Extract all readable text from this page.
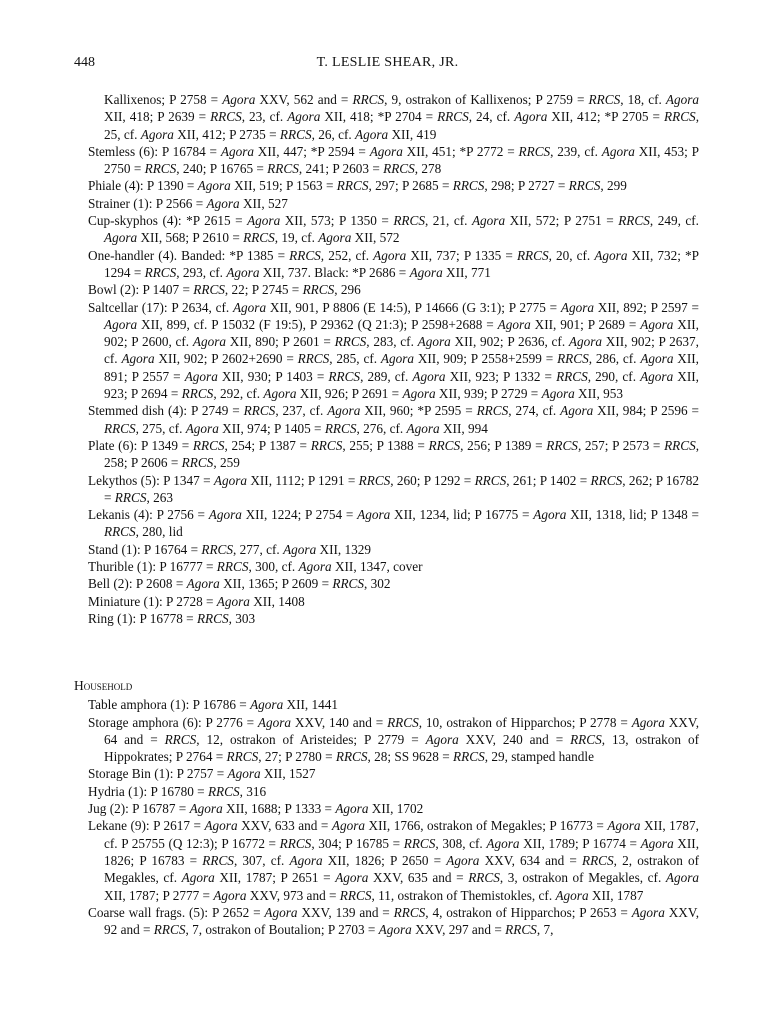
448	T. LESLIE SHEAR, JR.
Kallixenos; P 2758 = Agora XXV, 562 and = RRCS, 9, ostrakon of Kallixenos; P 2759 = RRCS, 18, cf. Agora XII, 418; P 2639 = RRCS, 23, cf. Agora XII, 418; *P 2704 = RRCS, 24, cf. Agora XII, 412; *P 2705 = RRCS, 25, cf. Agora XII, 412; P 2735 = RRCS, 26, cf. Agora XII, 419
Stemless (6): P 16784 = Agora XII, 447; *P 2594 = Agora XII, 451; *P 2772 = RRCS, 239, cf. Agora XII, 453; P 2750 = RRCS, 240; P 16765 = RRCS, 241; P 2603 = RRCS, 278
Phiale (4): P 1390 = Agora XII, 519; P 1563 = RRCS, 297; P 2685 = RRCS, 298; P 2727 = RRCS, 299
Strainer (1): P 2566 = Agora XII, 527
Cup-skyphos (4): *P 2615 = Agora XII, 573; P 1350 = RRCS, 21, cf. Agora XII, 572; P 2751 = RRCS, 249, cf. Agora XII, 568; P 2610 = RRCS, 19, cf. Agora XII, 572
One-handler (4). Banded: *P 1385 = RRCS, 252, cf. Agora XII, 737; P 1335 = RRCS, 20, cf. Agora XII, 732; *P 1294 = RRCS, 293, cf. Agora XII, 737. Black: *P 2686 = Agora XII, 771
Bowl (2): P 1407 = RRCS, 22; P 2745 = RRCS, 296
Saltcellar (17): P 2634, cf. Agora XII, 901, P 8806 (E 14:5), P 14666 (G 3:1); P 2775 = Agora XII, 892; P 2597 = Agora XII, 899, cf. P 15032 (F 19:5), P 29362 (Q 21:3); P 2598+2688 = Agora XII, 901; P 2689 = Agora XII, 902; P 2600, cf. Agora XII, 890; P 2601 = RRCS, 283, cf. Agora XII, 902; P 2636, cf. Agora XII, 902; P 2637, cf. Agora XII, 902; P 2602+2690 = RRCS, 285, cf. Agora XII, 909; P 2558+2599 = RRCS, 286, cf. Agora XII, 891; P 2557 = Agora XII, 930; P 1403 = RRCS, 289, cf. Agora XII, 923; P 1332 = RRCS, 290, cf. Agora XII, 923; P 2694 = RRCS, 292, cf. Agora XII, 926; P 2691 = Agora XII, 939; P 2729 = Agora XII, 953
Stemmed dish (4): P 2749 = RRCS, 237, cf. Agora XII, 960; *P 2595 = RRCS, 274, cf. Agora XII, 984; P 2596 = RRCS, 275, cf. Agora XII, 974; P 1405 = RRCS, 276, cf. Agora XII, 994
Plate (6): P 1349 = RRCS, 254; P 1387 = RRCS, 255; P 1388 = RRCS, 256; P 1389 = RRCS, 257; P 2573 = RRCS, 258; P 2606 = RRCS, 259
Lekythos (5): P 1347 = Agora XII, 1112; P 1291 = RRCS, 260; P 1292 = RRCS, 261; P 1402 = RRCS, 262; P 16782 = RRCS, 263
Lekanis (4): P 2756 = Agora XII, 1224; P 2754 = Agora XII, 1234, lid; P 16775 = Agora XII, 1318, lid; P 1348 = RRCS, 280, lid
Stand (1): P 16764 = RRCS, 277, cf. Agora XII, 1329
Thurible (1): P 16777 = RRCS, 300, cf. Agora XII, 1347, cover
Bell (2): P 2608 = Agora XII, 1365; P 2609 = RRCS, 302
Miniature (1): P 2728 = Agora XII, 1408
Ring (1): P 16778 = RRCS, 303
Household
Table amphora (1): P 16786 = Agora XII, 1441
Storage amphora (6): P 2776 = Agora XXV, 140 and = RRCS, 10, ostrakon of Hipparchos; P 2778 = Agora XXV, 64 and = RRCS, 12, ostrakon of Aristeides; P 2779 = Agora XXV, 240 and = RRCS, 13, ostrakon of Hippokrates; P 2764 = RRCS, 27; P 2780 = RRCS, 28; SS 9628 = RRCS, 29, stamped handle
Storage Bin (1): P 2757 = Agora XII, 1527
Hydria (1): P 16780 = RRCS, 316
Jug (2): P 16787 = Agora XII, 1688; P 1333 = Agora XII, 1702
Lekane (9): P 2617 = Agora XXV, 633 and = Agora XII, 1766, ostrakon of Megakles; P 16773 = Agora XII, 1787, cf. P 25755 (Q 12:3); P 16772 = RRCS, 304; P 16785 = RRCS, 308, cf. Agora XII, 1789; P 16774 = Agora XII, 1826; P 16783 = RRCS, 307, cf. Agora XII, 1826; P 2650 = Agora XXV, 634 and = RRCS, 2, ostrakon of Megakles, cf. Agora XII, 1787; P 2651 = Agora XXV, 635 and = RRCS, 3, ostrakon of Megakles, cf. Agora XII, 1787; P 2777 = Agora XXV, 973 and = RRCS, 11, ostrakon of Themistokles, cf. Agora XII, 1787
Coarse wall frags. (5): P 2652 = Agora XXV, 139 and = RRCS, 4, ostrakon of Hipparchos; P 2653 = Agora XXV, 92 and = RRCS, 7, ostrakon of Boutalion; P 2703 = Agora XXV, 297 and = RRCS, 7,
